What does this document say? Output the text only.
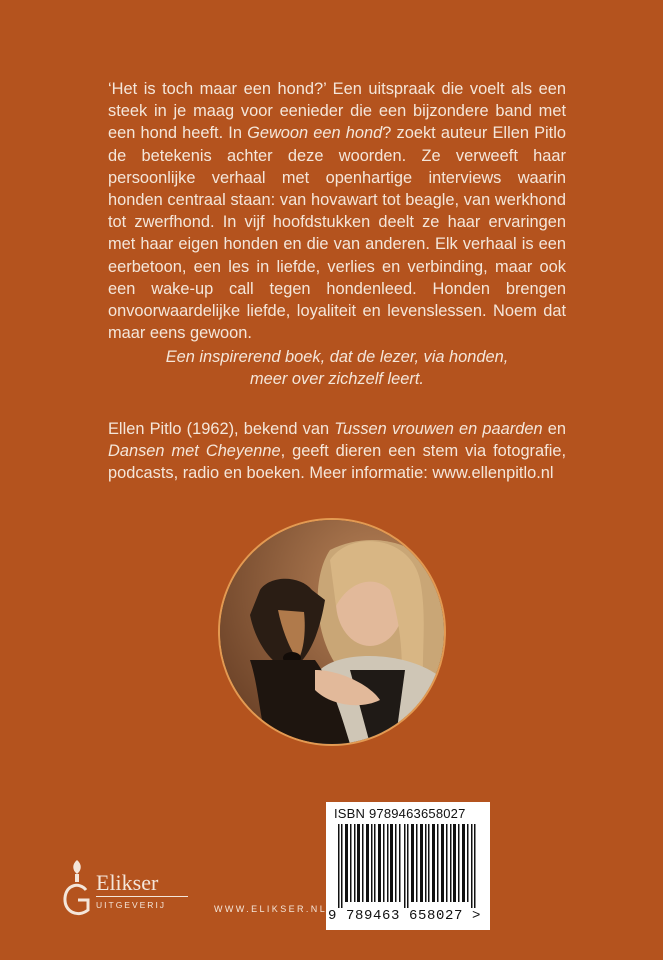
‘Het is toch maar een hond?’ Een uitspraak die voelt als een steek in je maag voor eenieder die een bijzondere band met een hond heeft. In Gewoon een hond? zoekt auteur Ellen Pitlo de betekenis achter deze woorden. Ze verweeft haar persoonlijke verhaal met openhartige interviews waarin honden centraal staan: van hovawart tot beagle, van werkhond tot zwerfhond. In vijf hoofdstukken deelt ze haar ervaringen met haar eigen honden en die van anderen. Elk verhaal is een eerbetoon, een les in liefde, verlies en verbinding, maar ook een wake-up call tegen hondenleed. Honden brengen onvoorwaardelijke liefde, loyaliteit en levenslessen. Noem dat maar eens gewoon.

Een inspirerend boek, dat de lezer, via honden,

meer over zichzelf leert.

Ellen Pitlo (1962), bekend van Tussen vrouwen en paarden en Dansen met Cheyenne, geeft dieren een stem via fotografie, podcasts, radio en boeken. Meer informatie: www.ellenpitlo.nl

ISBN 9789463658027
9 789463 658027 >
Elikser
UITGEVERIJ	WWW.ELIKSER.NL
